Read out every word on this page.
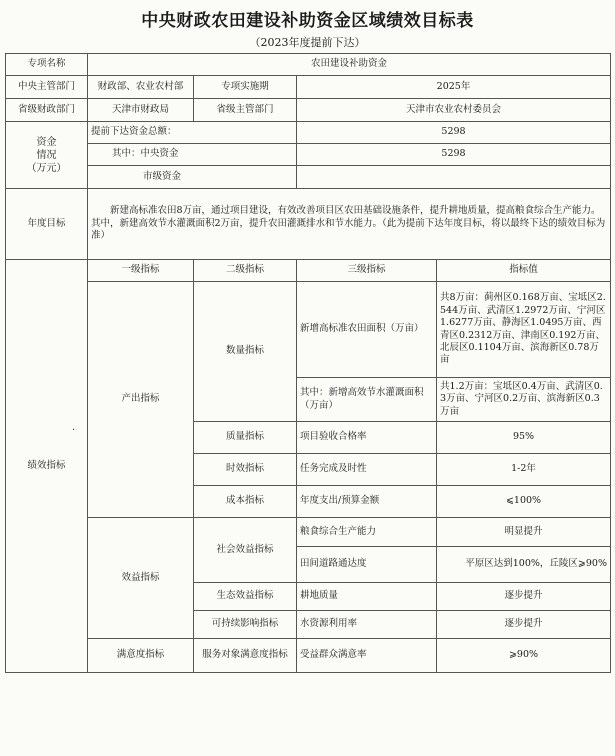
中央财政农田建设补助资金区域绩效目标表
（2023年度提前下达）
专项名称	农田建设补助资金			
中央主管部门	财政部、农业农村部	专项实施期	2025年	
省级财政部门	天津市财政局	省级主管部门	天津市农业农村委员会	
资金
情况
（万元）	提前下达资金总额：		5298	
	其中：中央资金		5298	
	市级资金			
年度目标	新建高标准农田8万亩，通过项目建设，有效改善项目区农田基础设施条件，提升耕地质量，提高粮食综合生产能力。其中，新建高效节水灌溉面积2万亩，提升农田灌溉排水和节水能力。（此为提前下达年度目标，将以最终下达的绩效目标为准）			
绩效指标	一级指标	二级指标	三级指标	指标值
	产出指标	数量指标	新增高标准农田面积（万亩）	共8万亩：蓟州区0.168万亩、宝坻区2.544万亩、武清区1.2972万亩、宁河区1.6277万亩、静海区1.0495万亩、西青区0.2312万亩、津南区0.192万亩、北辰区0.1104万亩、滨海新区0.78万亩
			其中：新增高效节水灌溉面积（万亩）	共1.2万亩：宝坻区0.4万亩、武清区0.3万亩、宁河区0.2万亩、滨海新区0.3万亩
		质量指标	项目验收合格率	95%
		时效指标	任务完成及时性	1-2年
		成本指标	年度支出/预算金额	⩽100%
	效益指标	社会效益指标	粮食综合生产能力	明显提升
			田间道路通达度	平原区达到100%，丘陵区⩾90%
		生态效益指标	耕地质量	逐步提升
		可持续影响指标	水资源利用率	逐步提升
	满意度指标	服务对象满意度指标	受益群众满意率	⩾90%
·
